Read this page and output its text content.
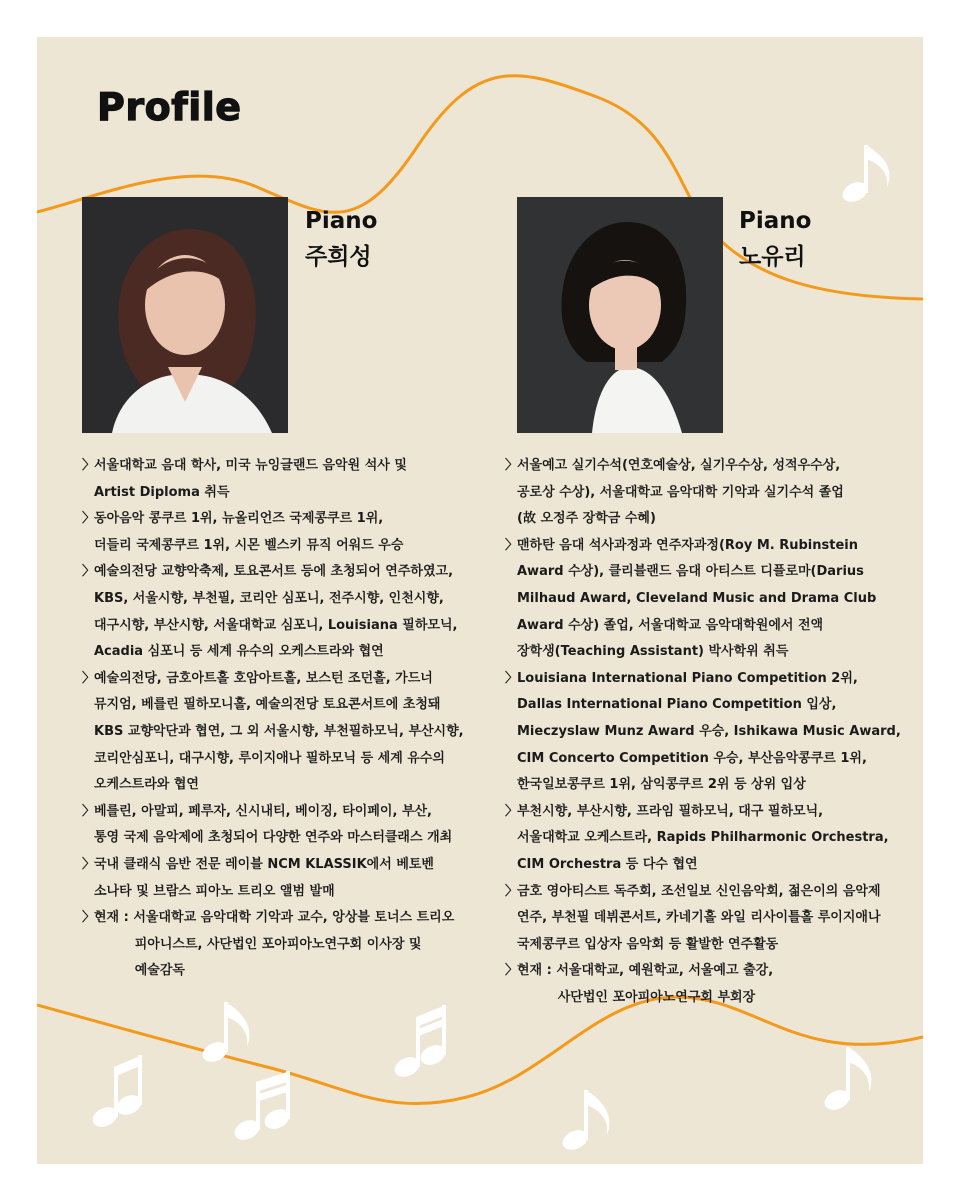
Profile
Piano
주희성
〉
서울대학교 음대 학사, 미국 뉴잉글랜드 음악원 석사 및
Artist Diploma 취득
〉
동아음악 콩쿠르 1위, 뉴올리언즈 국제콩쿠르 1위,
더들리 국제콩쿠르 1위, 시몬 벨스키 뮤직 어워드 우승
〉
예술의전당 교향악축제, 토요콘서트 등에 초청되어 연주하였고,
KBS, 서울시향, 부천필, 코리안 심포니, 전주시향, 인천시향,
대구시향, 부산시향, 서울대학교 심포니, Louisiana 필하모닉,
Acadia 심포니 등 세계 유수의 오케스트라와 협연
〉
예술의전당, 금호아트홀 호암아트홀, 보스턴 조던홀, 가드너
뮤지엄, 베를린 필하모니홀, 예술의전당 토요콘서트에 초청돼
KBS 교향악단과 협연, 그 외 서울시향, 부천필하모닉, 부산시향,
코리안심포니, 대구시향, 루이지애나 필하모닉 등 세계 유수의
오케스트라와 협연
〉
베를린, 아말피, 페루자, 신시내티, 베이징, 타이페이, 부산,
통영 국제 음악제에 초청되어 다양한 연주와 마스터클래스 개최
〉
국내 클래식 음반 전문 레이블 NCM KLASSIK에서 베토벤
소나타 및 브람스 피아노 트리오 앨범 발매
〉
현재 : 서울대학교 음악대학 기악과 교수, 앙상블 토너스 트리오
피아니스트, 사단법인 포아피아노연구회 이사장 및
예술감독
Piano
노유리
〉
서울예고 실기수석(연호예술상, 실기우수상, 성적우수상,
공로상 수상), 서울대학교 음악대학 기악과 실기수석 졸업
(故 오정주 장학금 수혜)
〉
맨하탄 음대 석사과정과 연주자과정(Roy M. Rubinstein
Award 수상), 클리블랜드 음대 아티스트 디플로마(Darius
Milhaud Award, Cleveland Music and Drama Club
Award 수상) 졸업, 서울대학교 음악대학원에서 전액
장학생(Teaching Assistant) 박사학위 취득
〉
Louisiana International Piano Competition 2위,
Dallas International Piano Competition 입상,
Mieczyslaw Munz Award 우승, Ishikawa Music Award,
CIM Concerto Competition 우승, 부산음악콩쿠르 1위,
한국일보콩쿠르 1위, 삼익콩쿠르 2위 등 상위 입상
〉
부천시향, 부산시향, 프라임 필하모닉, 대구 필하모닉,
서울대학교 오케스트라, Rapids Philharmonic Orchestra,
CIM Orchestra 등 다수 협연
〉
금호 영아티스트 독주회, 조선일보 신인음악회, 젊은이의 음악제
연주, 부천필 데뷔콘서트, 카네기홀 와일 리사이틀홀 루이지애나
국제콩쿠르 입상자 음악회 등 활발한 연주활동
〉
현재 : 서울대학교, 예원학교, 서울예고 출강,
사단법인 포아피아노연구회 부회장
